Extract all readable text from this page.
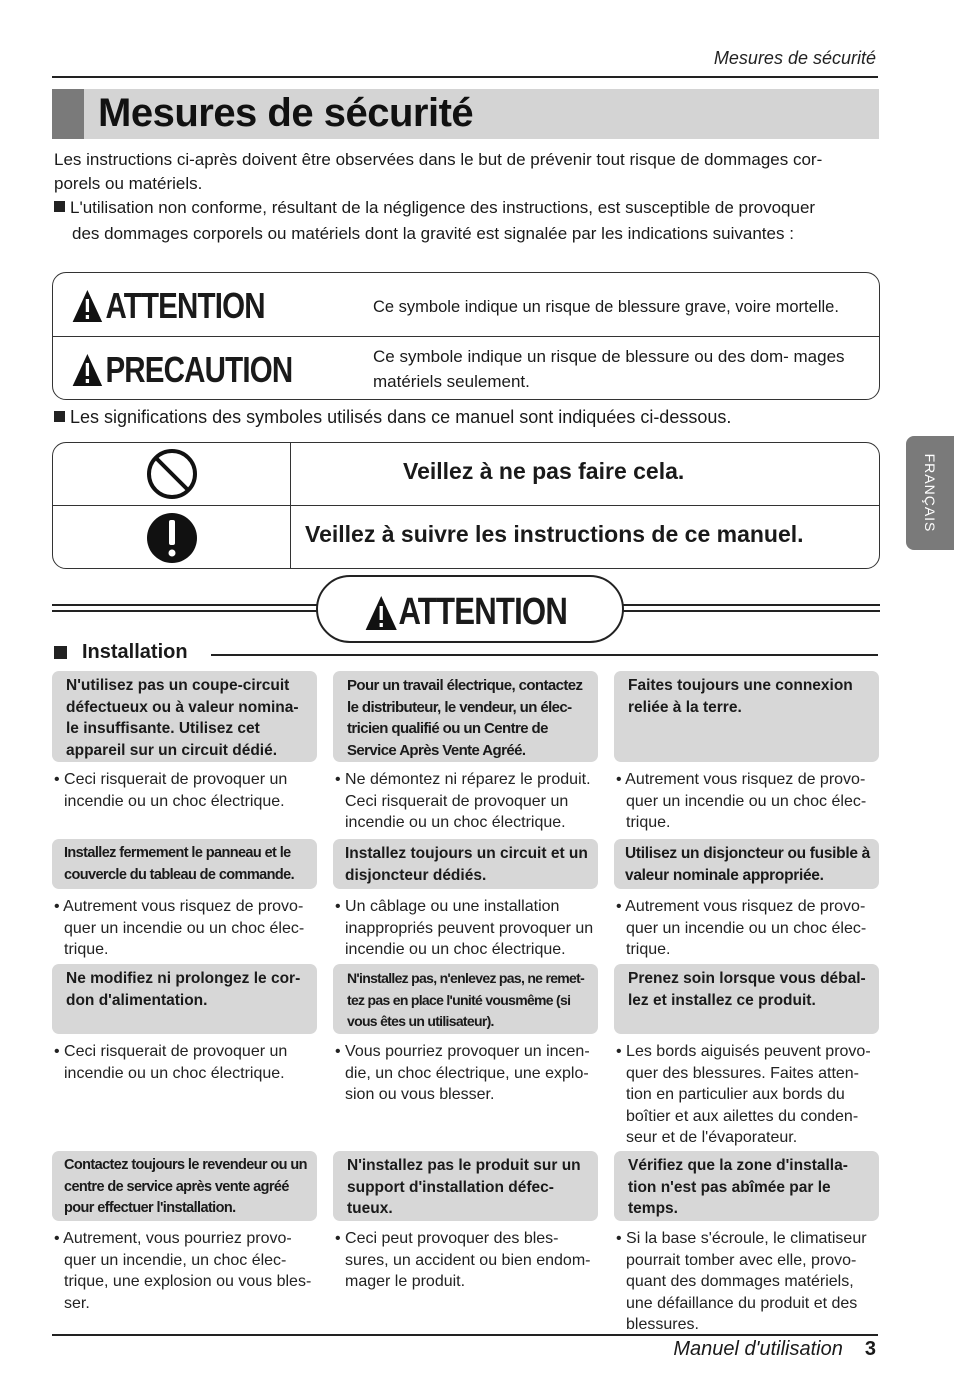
Mesures de sécurité
Mesures de sécurité

Les instructions ci-après doivent être observées dans le but de prévenir tout risque de dommages cor-

porels ou matériels.

L'utilisation non conforme, résultant de la négligence des instructions, est susceptible de provoquer

des dommages corporels ou matériels dont la gravité est signalée par les indications suivantes :

ATTENTION	Ce symbole indique un risque de blessure grave, voire mortelle.
PRECAUTION	Ce symbole indique un risque de blessure ou des dom- mages matériels seulement.
Les significations des symboles utilisés dans ce manuel sont indiquées ci-dessous.
Veillez à ne pas faire cela.
Veillez à suivre les instructions de ce manuel.
FRANÇAIS
ATTENTION
Installation
N'utilisez pas un coupe-circuit défectueux ou à valeur nomina- le insuffisante. Utilisez cet appareil sur un circuit dédié.
• Ceci risquerait de provoquer un incendie ou un choc électrique.
Pour un travail électrique, contactez le distributeur, le vendeur, un élec- tricien qualifié ou un Centre de Service Après Vente Agréé.
• Ne démontez ni réparez le produit. Ceci risquerait de provoquer un incendie ou un choc électrique.
Faites toujours une connexion reliée à la terre.
• Autrement vous risquez de provo- quer un incendie ou un choc élec- trique.
Installez fermement le panneau et le couvercle du tableau de commande.
• Autrement vous risquez de provo- quer un incendie ou un choc élec- trique.
Installez toujours un circuit et un disjoncteur dédiés.
• Un câblage ou une installation inappropriés peuvent provoquer un incendie ou un choc électrique.
Utilisez un disjoncteur ou fusible à valeur nominale appropriée.
• Autrement vous risquez de provo- quer un incendie ou un choc élec- trique.
Ne modifiez ni prolongez le cor- don d'alimentation.
• Ceci risquerait de provoquer un incendie ou un choc électrique.
N'installez pas, n'enlevez pas, ne remet- tez pas en place l'unité vousmême (si vous êtes un utilisateur).
• Vous pourriez provoquer un incen- die, un choc électrique, une explo- sion ou vous blesser.
Prenez soin lorsque vous débal- lez et installez ce produit.
• Les bords aiguisés peuvent provo- quer des blessures. Faites atten- tion en particulier aux bords du boîtier et aux ailettes du conden- seur et de l'évaporateur.
Contactez toujours le revendeur ou un centre de service après vente agréé pour effectuer l'installation.
• Autrement, vous pourriez provo- quer un incendie, un choc élec- trique, une explosion ou vous bles- ser.
N'installez pas le produit sur un support d'installation défec- tueux.
• Ceci peut provoquer des bles- sures, un accident ou bien endom- mager le produit.
Vérifiez que la zone d'installa- tion n'est pas abîmée par le temps.
• Si la base s'écroule, le climatiseur pourrait tomber avec elle, provo- quant des dommages matériels, une défaillance du produit et des blessures.
Manuel d'utilisation 3
